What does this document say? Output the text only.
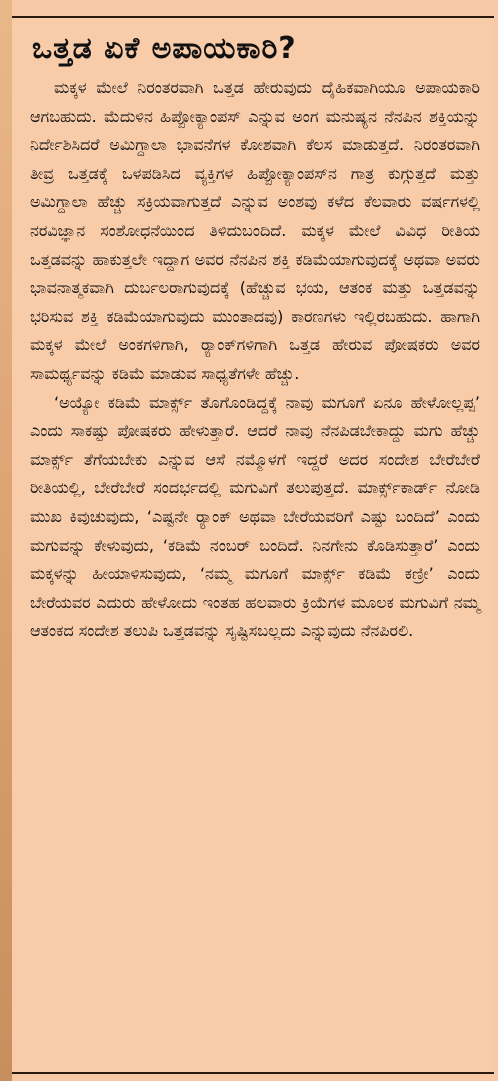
ಒತ್ತಡ ಏಕೆ ಅಪಾಯಕಾರಿ?

ಮಕ್ಕಳ ಮೇಲೆ ನಿರಂತರವಾಗಿ ಒತ್ತಡ ಹೇರುವುದು ದೈಹಿಕವಾಗಿಯೂ ಅಪಾಯಕಾರಿ ಆಗಬಹುದು. ಮೆದುಳಿನ ಹಿಪ್ಪೋಕ್ಯಾಂಪಸ್ ಎನ್ನುವ ಅಂಗ ಮನುಷ್ಯನ ನೆನಪಿನ ಶಕ್ತಿಯನ್ನು ನಿರ್ದೇಶಿಸಿದರೆ ಅಮಿಗ್ದಾಲಾ ಭಾವನೆಗಳ ಕೋಶವಾಗಿ ಕೆಲಸ ಮಾಡುತ್ತದೆ. ನಿರಂತರವಾಗಿ ತೀವ್ರ ಒತ್ತಡಕ್ಕೆ ಒಳಪಡಿಸಿದ ವ್ಯಕ್ತಿಗಳ ಹಿಪ್ಪೋಕ್ಯಾಂಪಸ್‌ನ ಗಾತ್ರ ಕುಗ್ಗುತ್ತದೆ ಮತ್ತು ಅಮಿಗ್ದಾಲಾ ಹೆಚ್ಚು ಸಕ್ರಿಯವಾಗುತ್ತದೆ ಎನ್ನುವ ಅಂಶವು ಕಳೆದ ಕೆಲವಾರು ವರ್ಷಗಳಲ್ಲಿ ನರವಿಜ್ಞಾನ ಸಂಶೋಧನೆಯಿಂದ ತಿಳಿದುಬಂದಿದೆ. ಮಕ್ಕಳ ಮೇಲೆ ವಿವಿಧ ರೀತಿಯ ಒತ್ತಡವನ್ನು ಹಾಕುತ್ತಲೇ ಇದ್ದಾಗ ಅವರ ನೆನಪಿನ ಶಕ್ತಿ ಕಡಿಮೆಯಾಗುವುದಕ್ಕೆ ಅಥವಾ ಅವರು ಭಾವನಾತ್ಮಕವಾಗಿ ದುರ್ಬಲರಾಗುವುದಕ್ಕೆ (ಹೆಚ್ಚುವ ಭಯ, ಆತಂಕ ಮತ್ತು ಒತ್ತಡವನ್ನು ಭರಿಸುವ ಶಕ್ತಿ ಕಡಿಮೆಯಾಗುವುದು ಮುಂತಾದವು) ಕಾರಣಗಳು ಇಲ್ಲಿರಬಹುದು. ಹಾಗಾಗಿ ಮಕ್ಕಳ ಮೇಲೆ ಅಂಕಗಳಿಗಾಗಿ, ರ‍್ಯಾಂಕ್‌ಗಳಿಗಾಗಿ ಒತ್ತಡ ಹೇರುವ ಪೋಷಕರು ಅವರ ಸಾಮರ್ಥ್ಯವನ್ನು ಕಡಿಮೆ ಮಾಡುವ ಸಾಧ್ಯತೆಗಳೇ ಹೆಚ್ಚು.

‘ಅಯ್ಯೋ ಕಡಿಮೆ ಮಾರ್ಕ್ಸ್ ತೊಗೊಂಡಿದ್ದಕ್ಕೆ ನಾವು ಮಗೂಗೆ ಏನೂ ಹೇಳೋಲ್ಲಪ್ಪ’ ಎಂದು ಸಾಕಷ್ಟು ಪೋಷಕರು ಹೇಳುತ್ತಾರೆ. ಆದರೆ ನಾವು ನೆನಪಿಡಬೇಕಾದ್ದು ಮಗು ಹೆಚ್ಚು ಮಾರ್ಕ್ಸ್ ತೆಗೆಯಬೇಕು ಎನ್ನುವ ಆಸೆ ನಮ್ಮೊಳಗೆ ಇದ್ದರೆ ಅದರ ಸಂದೇಶ ಬೇರೆಬೇರೆ ರೀತಿಯಲ್ಲಿ, ಬೇರೆಬೇರೆ ಸಂದರ್ಭದಲ್ಲಿ ಮಗುವಿಗೆ ತಲುಪುತ್ತದೆ. ಮಾರ್ಕ್ಸ್‌ಕಾರ್ಡ್ ನೋಡಿ ಮುಖ ಕಿವುಚುವುದು, ‘ಎಷ್ಟನೇ ರ‍್ಯಾಂಕ್ ಅಥವಾ ಬೇರೆಯವರಿಗೆ ಎಷ್ಟು ಬಂದಿದೆ’ ಎಂದು ಮಗುವನ್ನು ಕೇಳುವುದು, ‘ಕಡಿಮೆ ನಂಬರ್ ಬಂದಿದೆ. ನಿನಗೇನು ಕೊಡಿಸುತ್ತಾರೆ’ ಎಂದು ಮಕ್ಕಳನ್ನು ಹೀಯಾಳಿಸುವುದು, ‘ನಮ್ಮ ಮಗೂಗೆ ಮಾರ್ಕ್ಸ್ ಕಡಿಮೆ ಕಣ್ರೀ’ ಎಂದು ಬೇರೆಯವರ ಎದುರು ಹೇಳೋದು ಇಂತಹ ಹಲವಾರು ಕ್ರಿಯೆಗಳ ಮೂಲಕ ಮಗುವಿಗೆ ನಮ್ಮ ಆತಂಕದ ಸಂದೇಶ ತಲುಪಿ ಒತ್ತಡವನ್ನು ಸೃಷ್ಟಿಸಬಲ್ಲದು ಎನ್ನುವುದು ನೆನಪಿರಲಿ.
